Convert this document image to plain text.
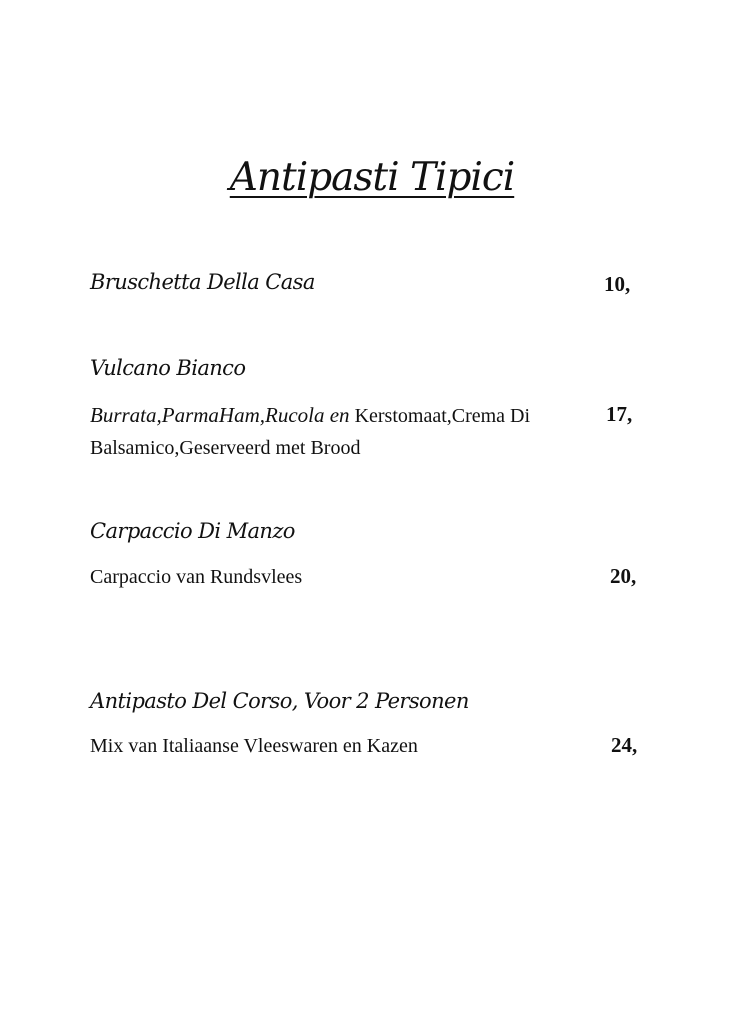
Antipasti Tipici
Bruschetta Della Casa	10,
Vulcano Bianco
Burrata,ParmaHam,Rucola en Kerstomaat,Crema Di
Balsamico,Geserveerd met Brood
17,
Carpaccio Di Manzo
Carpaccio van Rundsvlees	20,
Antipasto Del Corso, Voor 2 Personen
Mix van Italiaanse Vleeswaren en Kazen	24,
